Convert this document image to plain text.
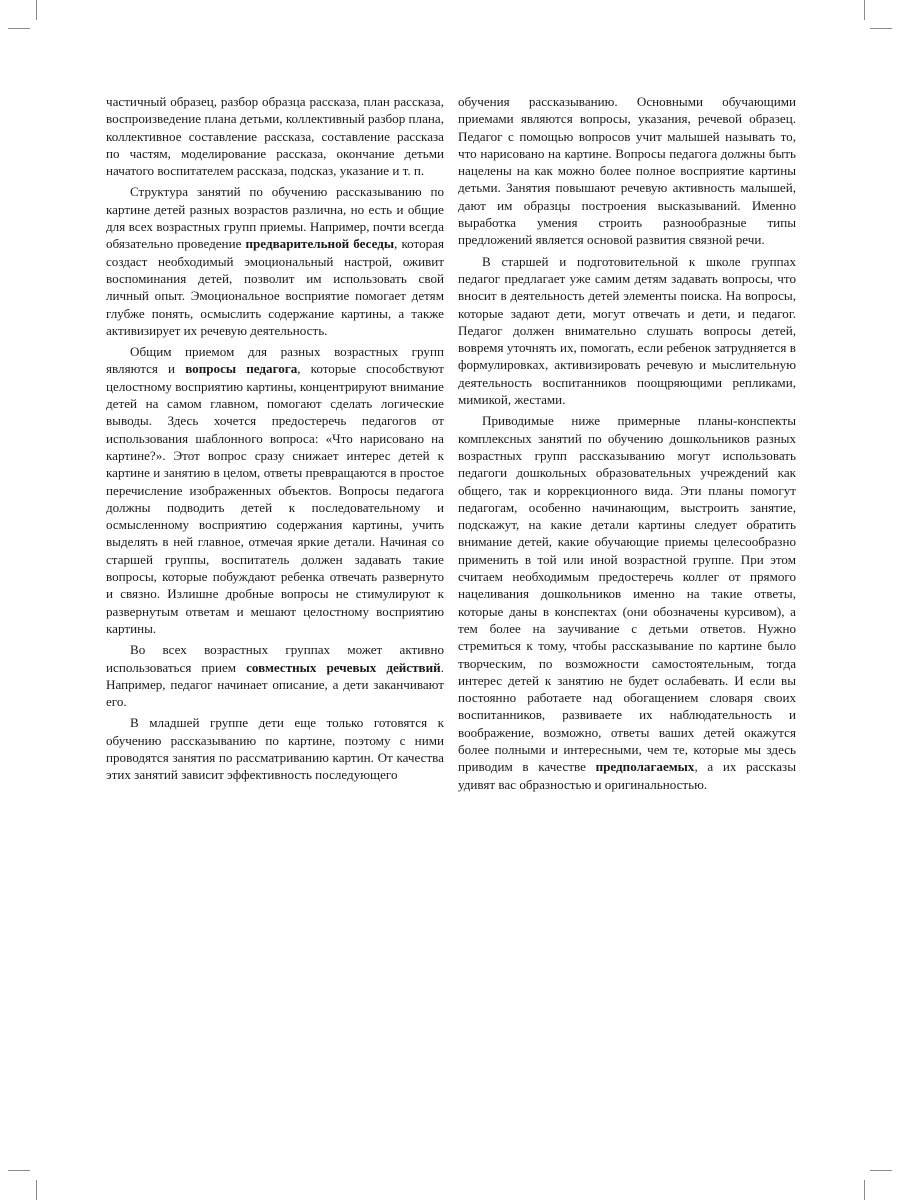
частичный образец, разбор образца рассказа, план рассказа, воспроизведение плана детьми, коллективный разбор плана, коллективное составление рассказа, составление рассказа по частям, моделирование рассказа, окончание детьми начатого воспитателем рассказа, подсказ, указание и т. п.

Структура занятий по обучению рассказыванию по картине детей разных возрастов различна, но есть и общие для всех возрастных групп приемы. Например, почти всегда обязательно проведение предварительной беседы, которая создаст необходимый эмоциональный настрой, оживит воспоминания детей, позволит им использовать свой личный опыт. Эмоциональное восприятие помогает детям глубже понять, осмыслить содержание картины, а также активизирует их речевую деятельность.

Общим приемом для разных возрастных групп являются и вопросы педагога, которые способствуют целостному восприятию картины, концентрируют внимание детей на самом главном, помогают сделать логические выводы. Здесь хочется предостеречь педагогов от использования шаблонного вопроса: «Что нарисовано на картине?». Этот вопрос сразу снижает интерес детей к картине и занятию в целом, ответы превращаются в простое перечисление изображенных объектов. Вопросы педагога должны подводить детей к последовательному и осмысленному восприятию содержания картины, учить выделять в ней главное, отмечая яркие детали. Начиная со старшей группы, воспитатель должен задавать такие вопросы, которые побуждают ребенка отвечать развернуто и связно. Излишне дробные вопросы не стимулируют к развернутым ответам и мешают целостному восприятию картины.

Во всех возрастных группах может активно использоваться прием совместных речевых действий. Например, педагог начинает описание, а дети заканчивают его.

В младшей группе дети еще только готовятся к обучению рассказыванию по картине, поэтому с ними проводятся занятия по рассматриванию картин. От качества этих занятий зависит эффективность последующего

обучения рассказыванию. Основными обучающими приемами являются вопросы, указания, речевой образец. Педагог с помощью вопросов учит малышей называть то, что нарисовано на картине. Вопросы педагога должны быть нацелены на как можно более полное восприятие картины детьми. Занятия повышают речевую активность малышей, дают им образцы построения высказываний. Именно выработка умения строить разнообразные типы предложений является основой развития связной речи.

В старшей и подготовительной к школе группах педагог предлагает уже самим детям задавать вопросы, что вносит в деятельность детей элементы поиска. На вопросы, которые задают дети, могут отвечать и дети, и педагог. Педагог должен внимательно слушать вопросы детей, вовремя уточнять их, помогать, если ребенок затрудняется в формулировках, активизировать речевую и мыслительную деятельность воспитанников поощряющими репликами, мимикой, жестами.

Приводимые ниже примерные планы-конспекты комплексных занятий по обучению дошкольников разных возрастных групп рассказыванию могут использовать педагоги дошкольных образовательных учреждений как общего, так и коррекционного вида. Эти планы помогут педагогам, особенно начинающим, выстроить занятие, подскажут, на какие детали картины следует обратить внимание детей, какие обучающие приемы целесообразно применить в той или иной возрастной группе. При этом считаем необходимым предостеречь коллег от прямого нацеливания дошкольников именно на такие ответы, которые даны в конспектах (они обозначены курсивом), а тем более на заучивание с детьми ответов. Нужно стремиться к тому, чтобы рассказывание по картине было творческим, по возможности самостоятельным, тогда интерес детей к занятию не будет ослабевать. И если вы постоянно работаете над обогащением словаря своих воспитанников, развиваете их наблюдательность и воображение, возможно, ответы ваших детей окажутся более полными и интересными, чем те, которые мы здесь приводим в качестве предполагаемых, а их рассказы удивят вас образностью и оригинальностью.
